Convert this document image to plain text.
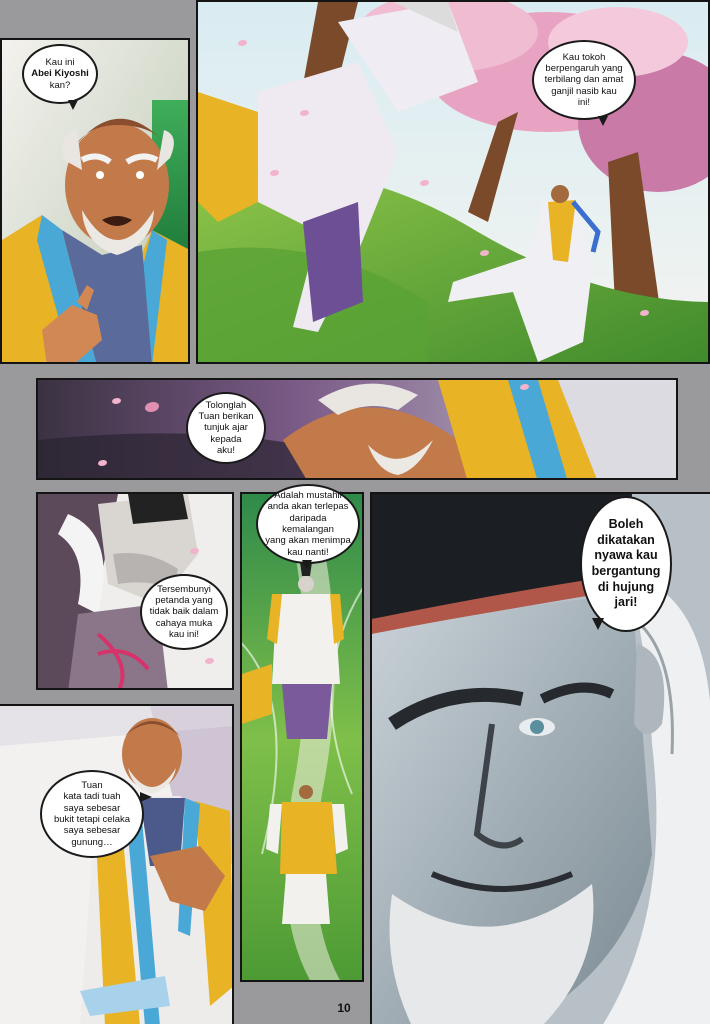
Kau ini
Abei Kiyoshi
kan?
Kau tokoh
berpengaruh yang
terbilang dan amat
ganjil nasib kau
ini!
Tolonglah
Tuan berikan
tunjuk ajar
kepada
aku!
Tersembunyi
petanda yang
tidak baik dalam
cahaya muka
kau ini!
Adalah mustahil
anda akan terlepas
daripada kemalangan
yang akan menimpa
kau nanti!
Boleh
dikatakan
nyawa kau
bergantung
di hujung
jari!
Tuan
kata tadi tuah
saya sebesar
bukit tetapi celaka
saya sebesar
gunung…
10
